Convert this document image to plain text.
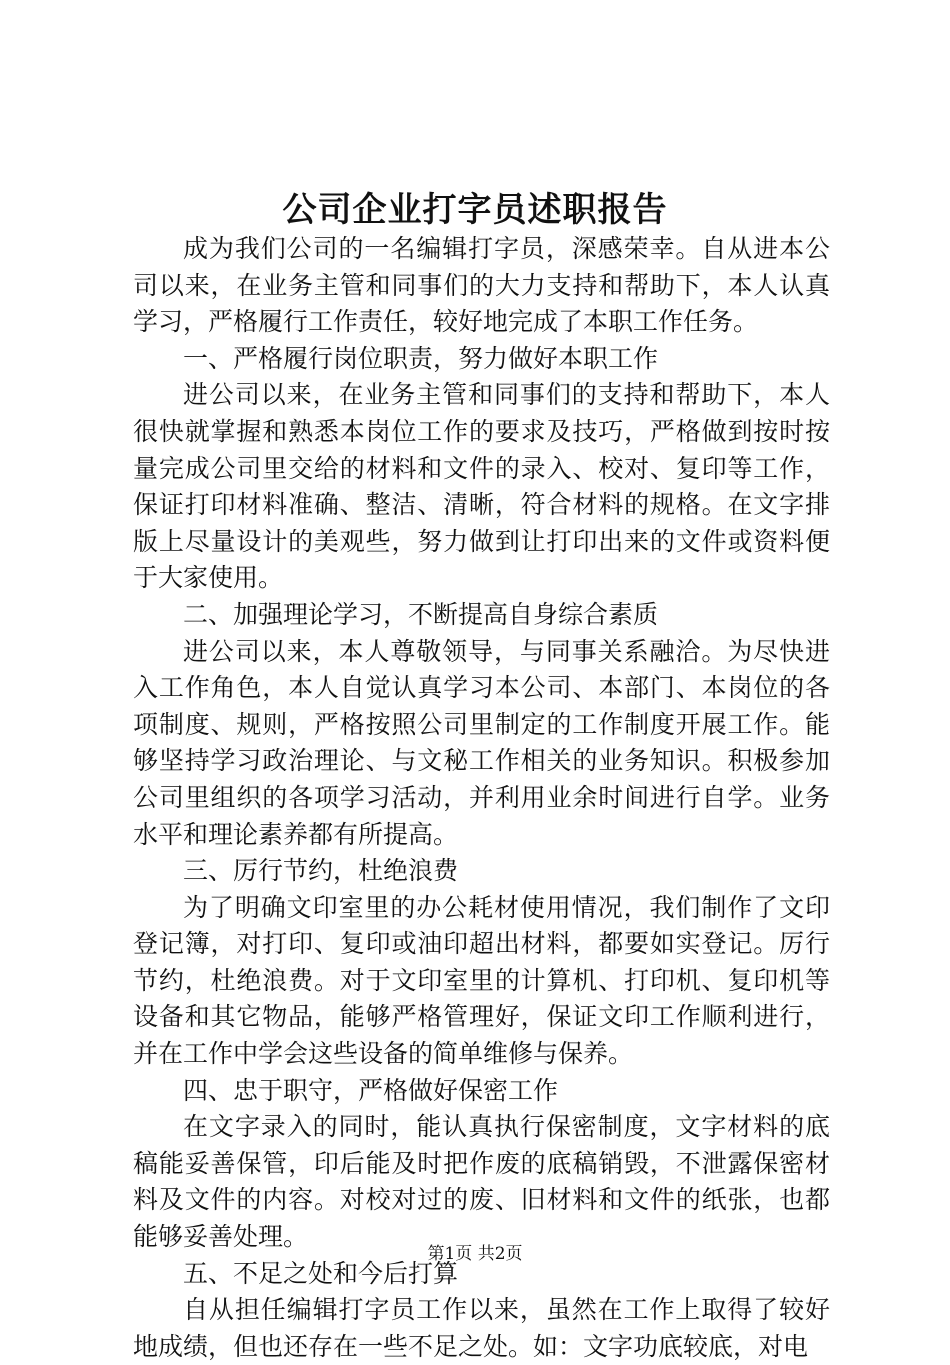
公司企业打字员述职报告

成为我们公司的一名编辑打字员，深感荣幸。自从进本公司以来，在业务主管和同事们的大力支持和帮助下，本人认真学习，严格履行工作责任，较好地完成了本职工作任务。

一、严格履行岗位职责，努力做好本职工作

进公司以来，在业务主管和同事们的支持和帮助下，本人很快就掌握和熟悉本岗位工作的要求及技巧，严格做到按时按量完成公司里交给的材料和文件的录入、校对、复印等工作，保证打印材料准确、整洁、清晰，符合材料的规格。在文字排版上尽量设计的美观些，努力做到让打印出来的文件或资料便于大家使用。

二、加强理论学习，不断提高自身综合素质

进公司以来，本人尊敬领导，与同事关系融洽。为尽快进入工作角色，本人自觉认真学习本公司、本部门、本岗位的各项制度、规则，严格按照公司里制定的工作制度开展工作。能够坚持学习政治理论、与文秘工作相关的业务知识。积极参加公司里组织的各项学习活动，并利用业余时间进行自学。业务水平和理论素养都有所提高。

三、厉行节约，杜绝浪费

为了明确文印室里的办公耗材使用情况，我们制作了文印登记簿，对打印、复印或油印超出材料，都要如实登记。厉行节约，杜绝浪费。对于文印室里的计算机、打印机、复印机等设备和其它物品，能够严格管理好，保证文印工作顺利进行，并在工作中学会这些设备的简单维修与保养。

四、忠于职守，严格做好保密工作

在文字录入的同时，能认真执行保密制度，文字材料的底稿能妥善保管，印后能及时把作废的底稿销毁，不泄露保密材料及文件的内容。对校对过的废、旧材料和文件的纸张，也都能够妥善处理。

五、不足之处和今后打算

自从担任编辑打字员工作以来，虽然在工作上取得了较好地成绩，但也还存在一些不足之处。如：文字功底较底，对电

第1页 共2页
